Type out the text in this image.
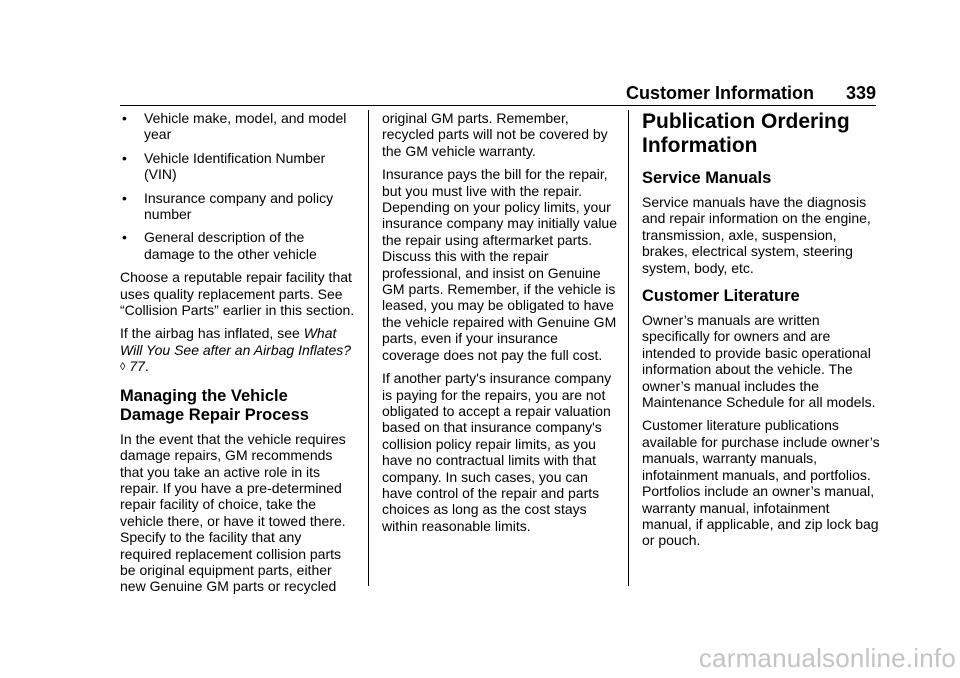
Customer Information 339
• Vehicle make, model, and model year
• Vehicle Identification Number (VIN)
• Insurance company and policy number
• General description of the damage to the other vehicle

Choose a reputable repair facility that uses quality replacement parts. See “Collision Parts” earlier in this section.

If the airbag has inflated, see What Will You See after an Airbag Inflates? ◊ 77.

Managing the Vehicle Damage Repair Process

In the event that the vehicle requires damage repairs, GM recommends that you take an active role in its repair. If you have a pre-determined repair facility of choice, take the vehicle there, or have it towed there. Specify to the facility that any required replacement collision parts be original equipment parts, either new Genuine GM parts or recycled

original GM parts. Remember, recycled parts will not be covered by the GM vehicle warranty.

Insurance pays the bill for the repair, but you must live with the repair. Depending on your policy limits, your insurance company may initially value the repair using aftermarket parts. Discuss this with the repair professional, and insist on Genuine GM parts. Remember, if the vehicle is leased, you may be obligated to have the vehicle repaired with Genuine GM parts, even if your insurance coverage does not pay the full cost.

If another party's insurance company is paying for the repairs, you are not obligated to accept a repair valuation based on that insurance company's collision policy repair limits, as you have no contractual limits with that company. In such cases, you can have control of the repair and parts choices as long as the cost stays within reasonable limits.

Publication Ordering Information
Service Manuals

Service manuals have the diagnosis and repair information on the engine, transmission, axle, suspension, brakes, electrical system, steering system, body, etc.

Customer Literature

Owner’s manuals are written specifically for owners and are intended to provide basic operational information about the vehicle. The owner’s manual includes the Maintenance Schedule for all models.

Customer literature publications available for purchase include owner’s manuals, warranty manuals, infotainment manuals, and portfolios. Portfolios include an owner’s manual, warranty manual, infotainment manual, if applicable, and zip lock bag or pouch.

carmanualsonline.info
